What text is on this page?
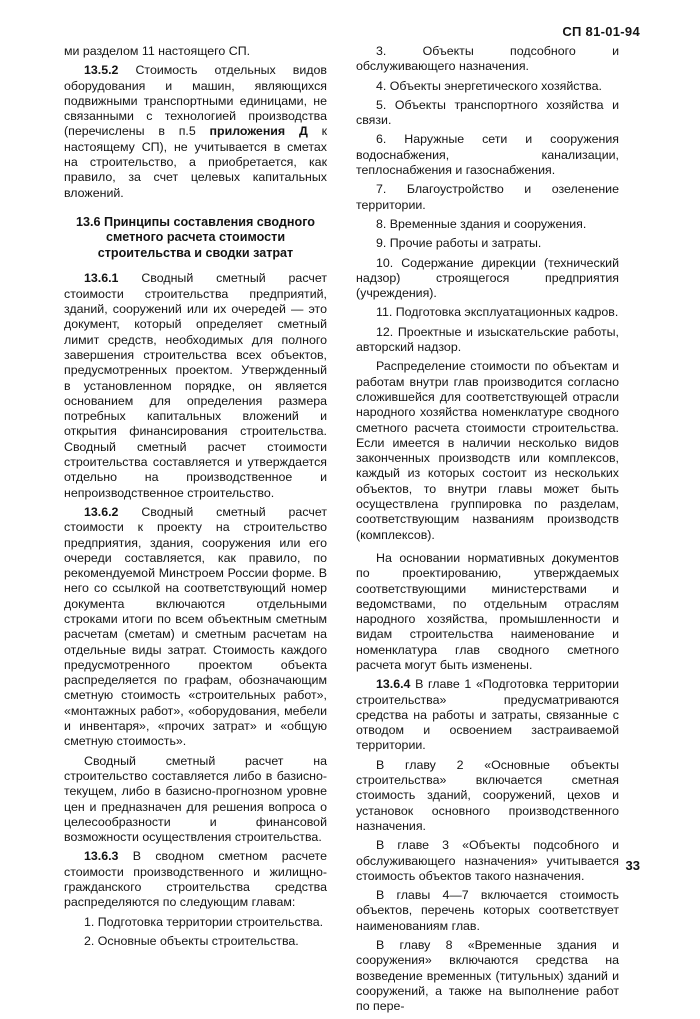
СП 81-01-94

ми разделом 11 настоящего СП.

13.5.2 Стоимость отдельных видов оборудования и машин, являющихся подвижными транспортными единицами, не связанными с технологией производства (перечислены в п.5 приложения Д к настоящему СП), не учитывается в сметах на строительство, а приобретается, как правило, за счет целевых капитальных вложений.

13.6 Принципы составления сводного сметного расчета стоимости строительства и сводки затрат

13.6.1 Сводный сметный расчет стоимости строительства предприятий, зданий, сооружений или их очередей — это документ, который определяет сметный лимит средств, необходимых для полного завершения строительства всех объектов, предусмотренных проектом. Утвержденный в установленном порядке, он является основанием для определения размера потребных капитальных вложений и открытия финансирования строительства. Сводный сметный расчет стоимости строительства составляется и утверждается отдельно на производственное и непроизводственное строительство.

13.6.2 Сводный сметный расчет стоимости к проекту на строительство предприятия, здания, сооружения или его очереди составляется, как правило, по рекомендуемой Минстроем России форме. В него со ссылкой на соответствующий номер документа включаются отдельными строками итоги по всем объектным сметным расчетам (сметам) и сметным расчетам на отдельные виды затрат. Стоимость каждого предусмотренного проектом объекта распределяется по графам, обозначающим сметную стоимость «строительных работ», «монтажных работ», «оборудования, мебели и инвентаря», «прочих затрат» и «общую сметную стоимость».

Сводный сметный расчет на строительство составляется либо в базисно-текущем, либо в базисно-прогнозном уровне цен и предназначен для решения вопроса о целесообразности и финансовой возможности осуществления строительства.

13.6.3 В сводном сметном расчете стоимости производственного и жилищно-гражданского строительства средства распределяются по следующим главам:

1. Подготовка территории строительства.

2. Основные объекты строительства.

3. Объекты подсобного и обслуживающего назначения.

4. Объекты энергетического хозяйства.

5. Объекты транспортного хозяйства и связи.

6. Наружные сети и сооружения водоснабжения, канализации, теплоснабжения и газоснабжения.

7. Благоустройство и озеленение территории.

8. Временные здания и сооружения.

9. Прочие работы и затраты.

10. Содержание дирекции (технический надзор) строящегося предприятия (учреждения).

11. Подготовка эксплуатационных кадров.

12. Проектные и изыскательские работы, авторский надзор.

Распределение стоимости по объектам и работам внутри глав производится согласно сложившейся для соответствующей отрасли народного хозяйства номенклатуре сводного сметного расчета стоимости строительства. Если имеется в наличии несколько видов законченных производств или комплексов, каждый из которых состоит из нескольких объектов, то внутри главы может быть осуществлена группировка по разделам, соответствующим названиям производств (комплексов).

На основании нормативных документов по проектированию, утверждаемых соответствующими министерствами и ведомствами, по отдельным отраслям народного хозяйства, промышленности и видам строительства наименование и номенклатура глав сводного сметного расчета могут быть изменены.

13.6.4 В главе 1 «Подготовка территории строительства» предусматриваются средства на работы и затраты, связанные с отводом и освоением застраиваемой территории.

В главу 2 «Основные объекты строительства» включается сметная стоимость зданий, сооружений, цехов и установок основного производственного назначения.

В главе 3 «Объекты подсобного и обслуживающего назначения» учитывается стоимость объектов такого назначения.

В главы 4—7 включается стоимость объектов, перечень которых соответствует наименованиям глав.

В главу 8 «Временные здания и сооружения» включаются средства на возведение временных (титульных) зданий и сооружений, а также на выполнение работ по пере-

33
